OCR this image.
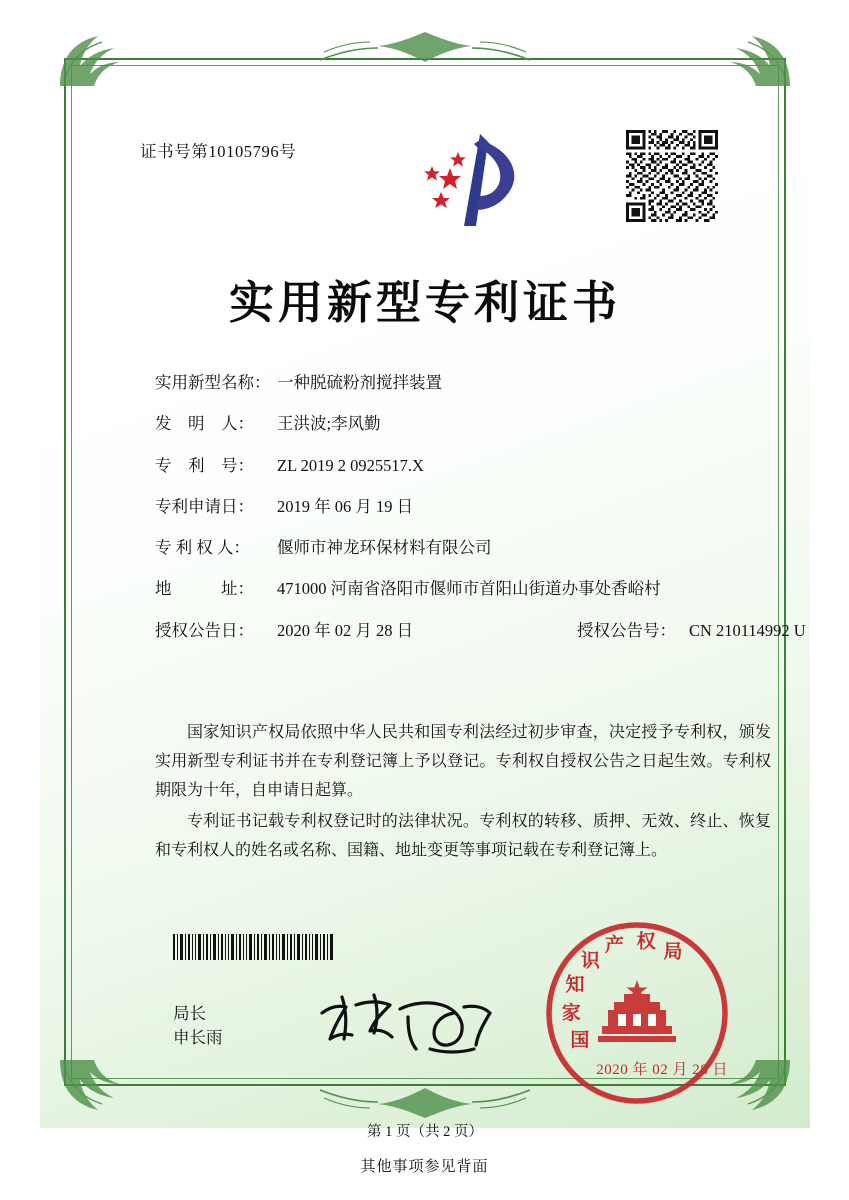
证书号第10105796号
实用新型专利证书
实用新型名称： 一种脱硫粉剂搅拌装置
发　明　人：	王洪波;李风勤
专　利　号：	ZL 2019 2 0925517.X
专利申请日：	2019 年 06 月 19 日
专 利 权 人：	偃师市神龙环保材料有限公司
地　　　址：	471000 河南省洛阳市偃师市首阳山街道办事处香峪村
授权公告日：	2020 年 02 月 28 日	授权公告号： CN 210114992 U

国家知识产权局依照中华人民共和国专利法经过初步审查，决定授予专利权，颁发实用新型专利证书并在专利登记簿上予以登记。专利权自授权公告之日起生效。专利权期限为十年，自申请日起算。

专利证书记载专利权登记时的法律状况。专利权的转移、质押、无效、终止、恢复和专利权人的姓名或名称、国籍、地址变更等事项记载在专利登记簿上。

局长
申长雨	国
家
知
识
产 权 局
2020 年 02 月 28 日
第 1 页（共 2 页）
其他事项参见背面
